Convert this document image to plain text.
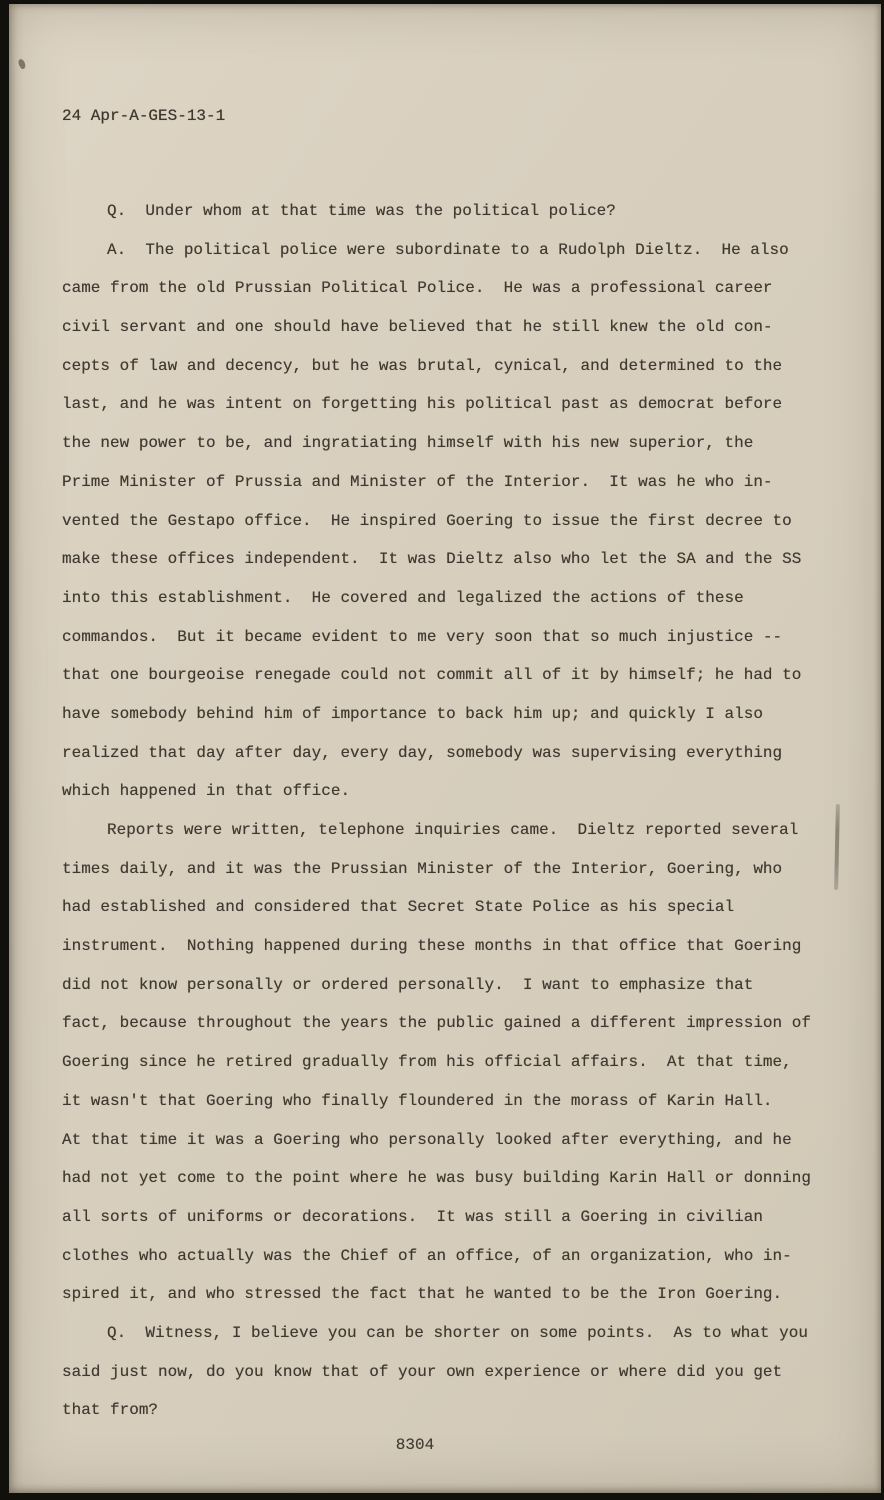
24 Apr-A-GES-13-1
Q.  Under whom at that time was the political police?
A.  The political police were subordinate to a Rudolph Dieltz.  He also
came from the old Prussian Political Police.  He was a professional career
civil servant and one should have believed that he still knew the old con-
cepts of law and decency, but he was brutal, cynical, and determined to the
last, and he was intent on forgetting his political past as democrat before
the new power to be, and ingratiating himself with his new superior, the
Prime Minister of Prussia and Minister of the Interior.  It was he who in-
vented the Gestapo office.  He inspired Goering to issue the first decree to
make these offices independent.  It was Dieltz also who let the SA and the SS
into this establishment.  He covered and legalized the actions of these
commandos.  But it became evident to me very soon that so much injustice --
that one bourgeoise renegade could not commit all of it by himself; he had to
have somebody behind him of importance to back him up; and quickly I also
realized that day after day, every day, somebody was supervising everything
which happened in that office.
Reports were written, telephone inquiries came.  Dieltz reported several
times daily, and it was the Prussian Minister of the Interior, Goering, who
had established and considered that Secret State Police as his special
instrument.  Nothing happened during these months in that office that Goering
did not know personally or ordered personally.  I want to emphasize that
fact, because throughout the years the public gained a different impression of
Goering since he retired gradually from his official affairs.  At that time,
it wasn't that Goering who finally floundered in the morass of Karin Hall.
At that time it was a Goering who personally looked after everything, and he
had not yet come to the point where he was busy building Karin Hall or donning
all sorts of uniforms or decorations.  It was still a Goering in civilian
clothes who actually was the Chief of an office, of an organization, who in-
spired it, and who stressed the fact that he wanted to be the Iron Goering.
Q.  Witness, I believe you can be shorter on some points.  As to what you
said just now, do you know that of your own experience or where did you get
that from?
8304
